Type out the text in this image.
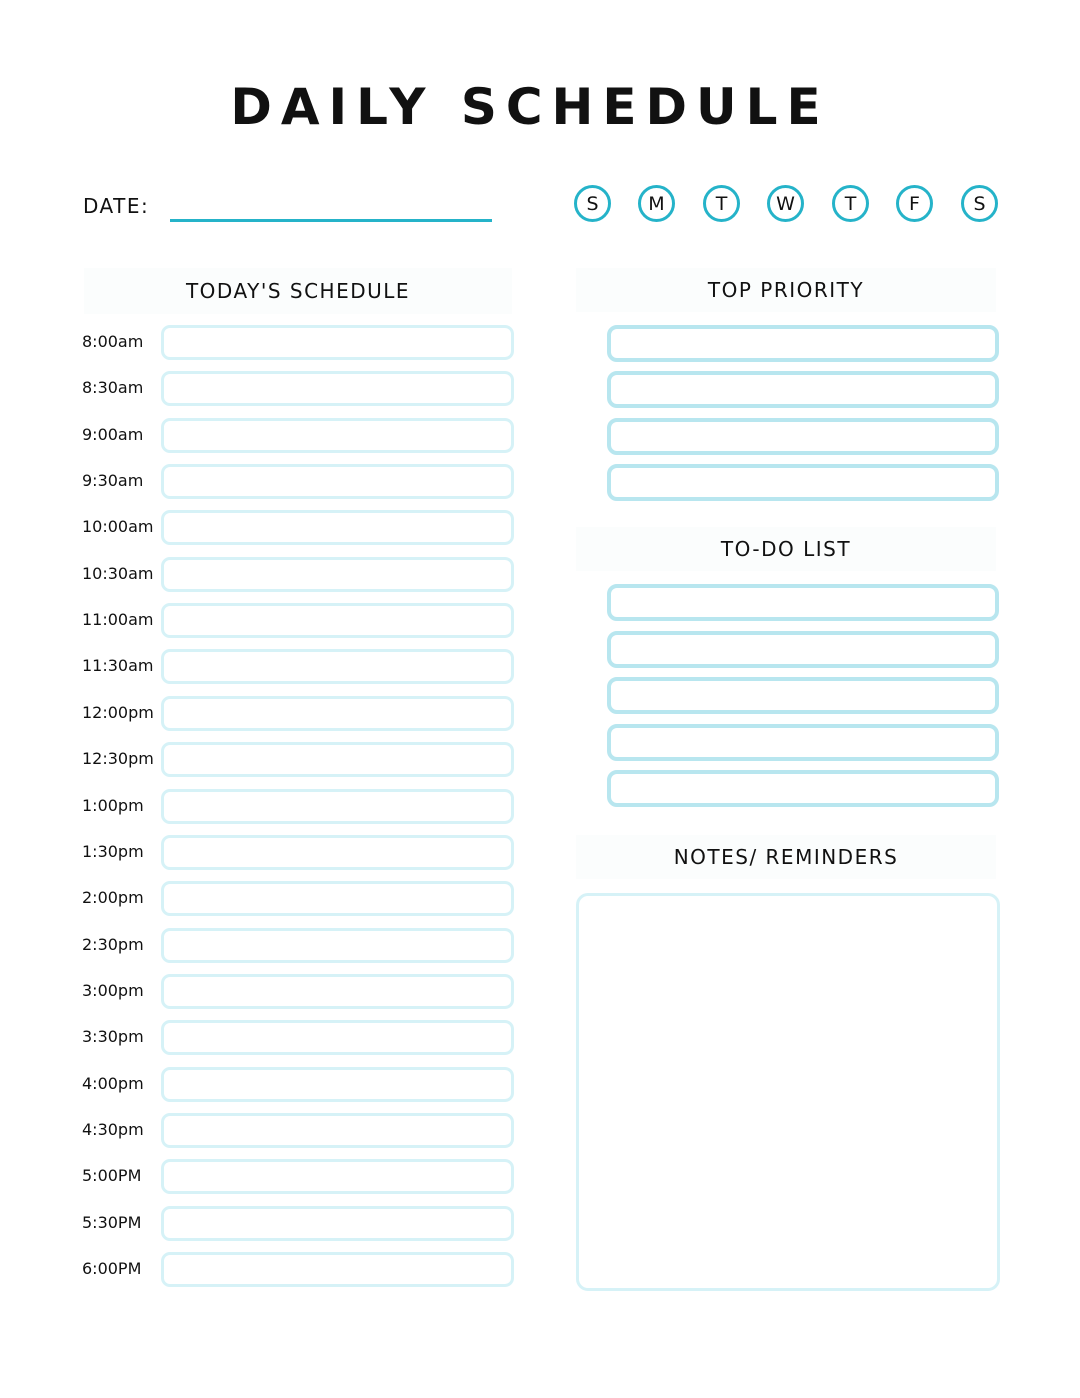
DAILY SCHEDULE
DATE:	S	M	T	W	T	F	S
TODAY'S SCHEDULE
8:00am
8:30am
9:00am
9:30am
10:00am
10:30am
11:00am
11:30am
12:00pm
12:30pm
1:00pm
1:30pm
2:00pm
2:30pm
3:00pm
3:30pm
4:00pm
4:30pm
5:00PM
5:30PM
6:00PM
TOP PRIORITY
TO-DO LIST
NOTES/ REMINDERS
